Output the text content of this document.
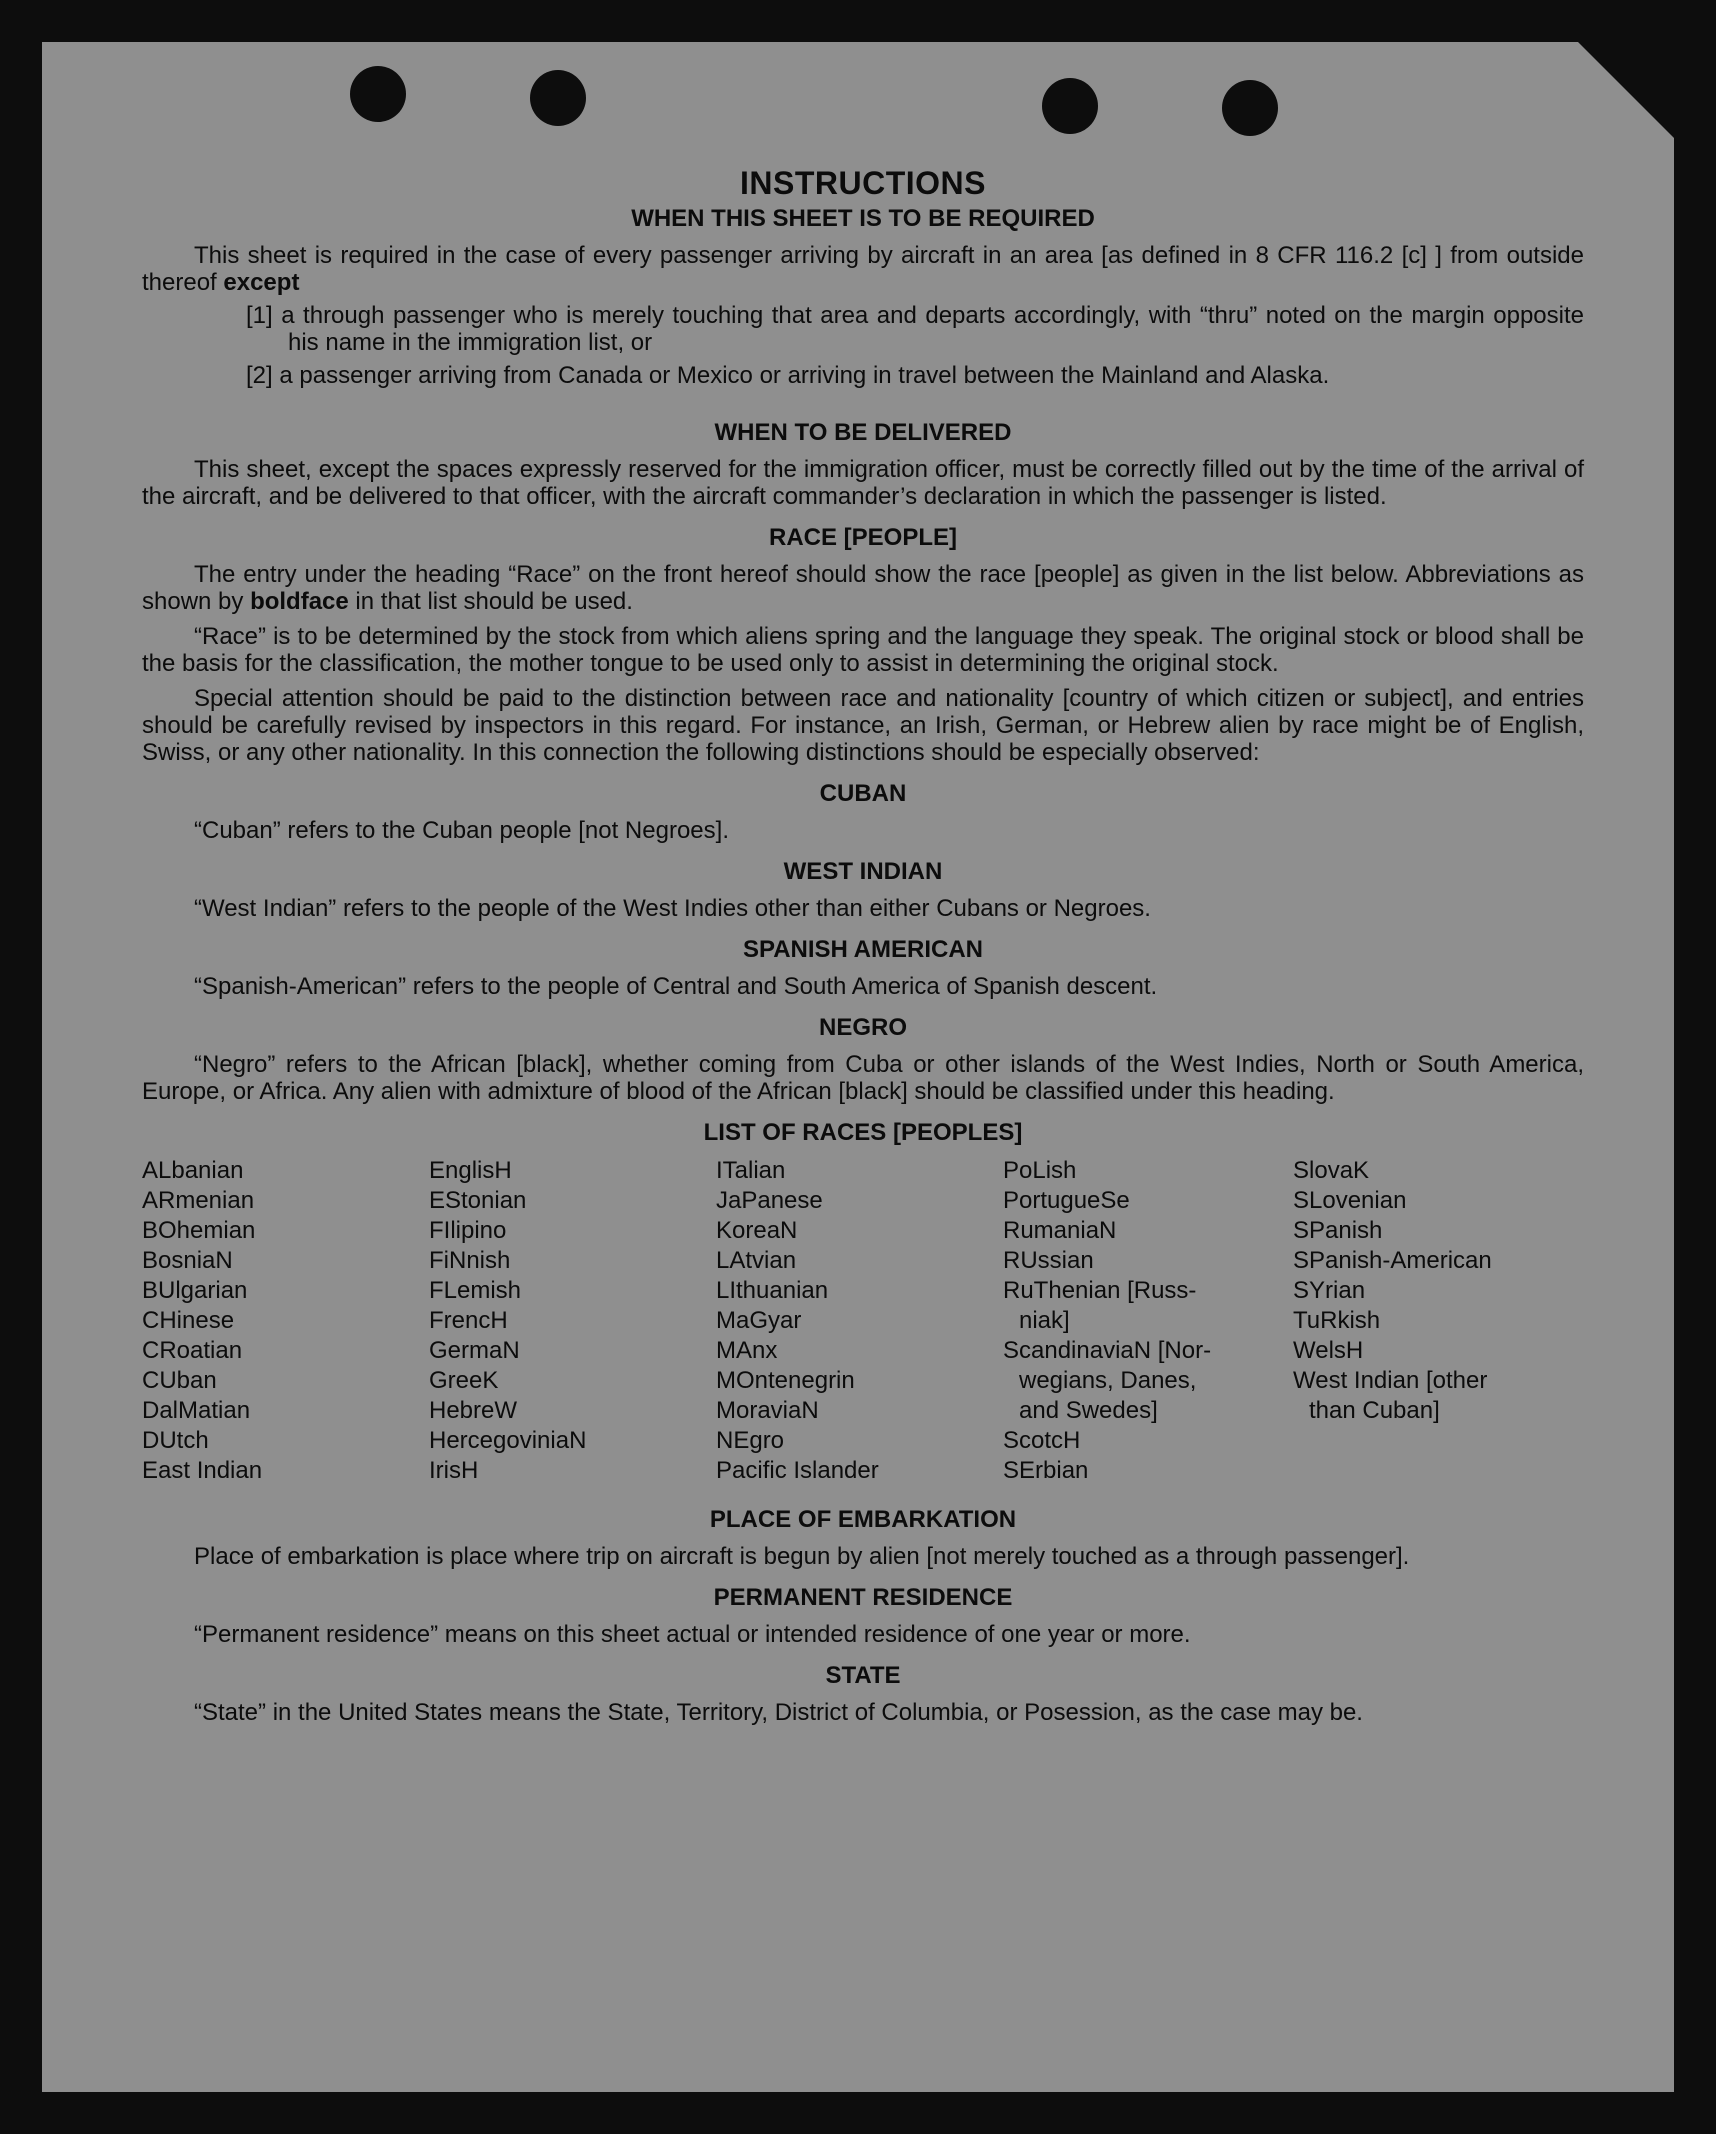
INSTRUCTIONS
WHEN THIS SHEET IS TO BE REQUIRED

This sheet is required in the case of every passenger arriving by aircraft in an area [as defined in 8 CFR 116.2 [c] ] from outside thereof except

[1] a through passenger who is merely touching that area and departs accordingly, with “thru” noted on the margin opposite his name in the immigration list, or

[2] a passenger arriving from Canada or Mexico or arriving in travel between the Mainland and Alaska.

WHEN TO BE DELIVERED

This sheet, except the spaces expressly reserved for the immigration officer, must be correctly filled out by the time of the arrival of the aircraft, and be delivered to that officer, with the aircraft commander’s declaration in which the passenger is listed.

RACE [PEOPLE]

The entry under the heading “Race” on the front hereof should show the race [people] as given in the list below. Abbreviations as shown by boldface in that list should be used.

“Race” is to be determined by the stock from which aliens spring and the language they speak. The original stock or blood shall be the basis for the classification, the mother tongue to be used only to assist in determining the original stock.

Special attention should be paid to the distinction between race and nationality [country of which citizen or subject], and entries should be carefully revised by inspectors in this regard. For instance, an Irish, German, or Hebrew alien by race might be of English, Swiss, or any other nationality. In this connection the following distinctions should be especially observed:

CUBAN

“Cuban” refers to the Cuban people [not Negroes].

WEST INDIAN

“West Indian” refers to the people of the West Indies other than either Cubans or Negroes.

SPANISH AMERICAN

“Spanish-American” refers to the people of Central and South America of Spanish descent.

NEGRO

“Negro” refers to the African [black], whether coming from Cuba or other islands of the West Indies, North or South America, Europe, or Africa. Any alien with admixture of blood of the African [black] should be classified under this heading.

LIST OF RACES [PEOPLES]
ALbanian
ARmenian
BOhemian
BosniaN
BUlgarian
CHinese
CRoatian
CUban
DalMatian
DUtch
East Indian
EnglisH
EStonian
FIlipino
FiNnish
FLemish
FrencH
GermaN
GreeK
HebreW
HercegoviniaN
IrisH
ITalian
JaPanese
KoreaN
LAtvian
LIthuanian
MaGyar
MAnx
MOntenegrin
MoraviaN
NEgro
Pacific Islander
PoLish
PortugueSe
RumaniaN
RUssian
RuThenian [Russ-
niak]
ScandinaviaN [Nor-
wegians, Danes,
and Swedes]
ScotcH
SErbian
SlovaK
SLovenian
SPanish
SPanish-American
SYrian
TuRkish
WelsH
West Indian [other
than Cuban]
PLACE OF EMBARKATION

Place of embarkation is place where trip on aircraft is begun by alien [not merely touched as a through passenger].

PERMANENT RESIDENCE

“Permanent residence” means on this sheet actual or intended residence of one year or more.

STATE

“State” in the United States means the State, Territory, District of Columbia, or Posession, as the case may be.
